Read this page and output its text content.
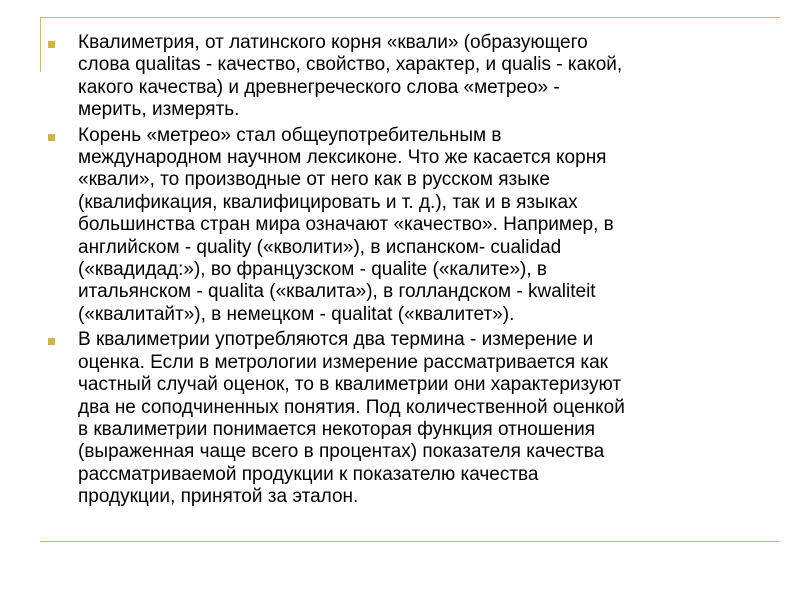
Квалиметрия, от латинского корня «квали» (образующего
слова qualitas - качество, свойство, характер, и qualis - какой,
какого качества) и древнегреческого слова «метрео» -
мерить, измерять.
Корень «метрео» стал общеупотребительным в
международном научном лексиконе. Что же касается корня
«квали», то производные от него как в русском языке
(квалификация, квалифицировать и т. д.), так и в языках
большинства стран мира означают «качество». Например, в
английском - quality («кволити»), в испанском- cualidad
(«квадидад:»), во французском - qualite («калите»), в
итальянском - qualita («квалита»), в голландском - kwaliteit
(«квалитайт»), в немецком - qualitat («квалитет»).
В квалиметрии употребляются два термина - измерение и
оценка. Если в метрологии измерение рассматривается как
частный случай оценок, то в квалиметрии они характеризуют
два не соподчиненных понятия. Под количественной оценкой
в квалиметрии понимается некоторая функция отношения
(выраженная чаще всего в процентах) показателя качества
рассматриваемой продукции к показателю качества
продукции, принятой за эталон.
